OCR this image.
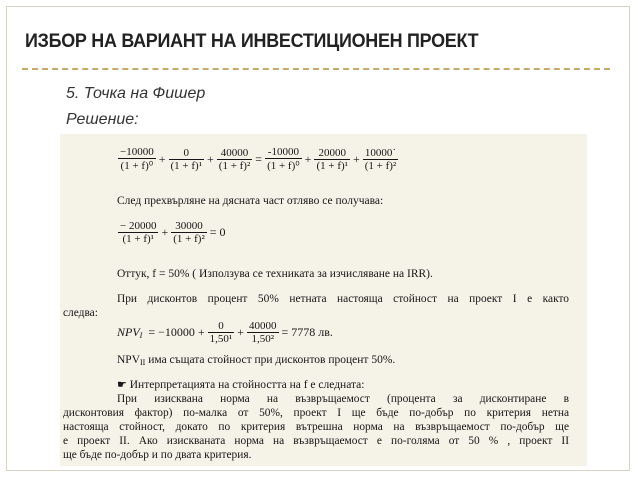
ИЗБОР НА ВАРИАНТ НА ИНВЕСТИЦИОНЕН ПРОЕКТ
5. Точка на Фишер
Решение:
$\frac{-10000}{\text{(1 + f)⁰}} + \frac{0}{\text{(1 + f)¹}} + \frac{40000}{\text{(1 + f)²}} = \frac{-10000}{\text{(1 + f)⁰}} + \frac{20000}{\text{(1 + f)¹}} + \frac{10000˙}{\text{(1 + f)²}}$
След прехвърляне на дясната част отляво се получава:
$\frac{- 20000}{\text{(1 + f)¹}} + \frac{30000}{\text{(1 + f)²}} = 0$
Оттук, f = 50% ( Използува се техниката за изчисляване на IRR).
При дисконтов процент 50% нетната настояща стойност на проект I е както
следва:
$NPV_I = -10000 + \frac{0}{\text{1,50¹}} + \frac{40000}{\text{1,50²}} = 7778$ лв.
$NPV_{II}$ има същата стойност при дисконтов процент 50%.
☛ Интерпретацията на стойността на f е следната:
При изисквана норма на възвръщаемост (процента за дисконтиране в
дисконтовия фактор) по-малка от 50%, проект I ще бъде по-добър по критерия нетна
настояща стойност, докато по критерия вътрешна норма на възвръщаемост по-добър ще
е проект II. Ако изискваната норма на възвръщаемост е по-голяма от 50 % , проект II
ще бъде по-добър и по двата критерия.
